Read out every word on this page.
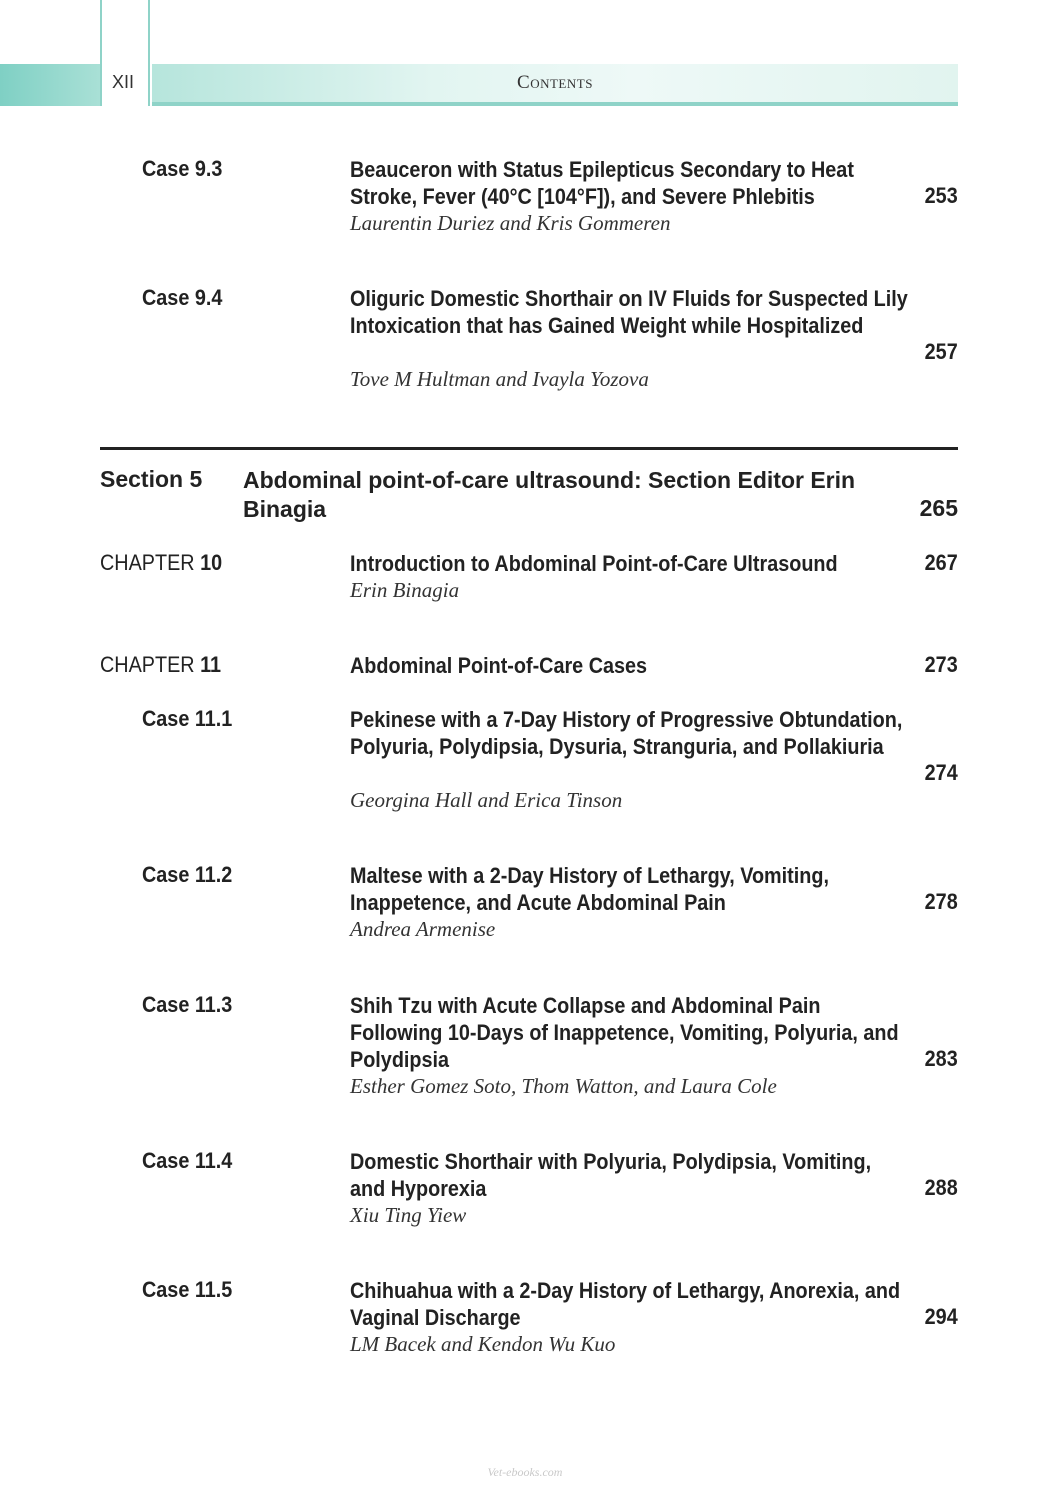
XII	Contents
Case 9.3	Beauceron with Status Epilepticus Secondary to Heat Stroke, Fever (40°C [104°F]), and Severe Phlebitis
Laurentin Duriez and Kris Gommeren
253
Case 9.4	Oliguric Domestic Shorthair on IV Fluids for Suspected Lily Intoxication that has Gained Weight while Hospitalized
Tove M Hultman and Ivayla Yozova
257
Section 5 Abdominal point-of-care ultrasound: Section Editor Erin Binagia	265
CHAPTER 10	Introduction to Abdominal Point-of-Care Ultrasound
Erin Binagia
267
CHAPTER 11	Abdominal Point-of-Care Cases	273
Case 11.1	Pekinese with a 7-Day History of Progressive Obtundation, Polyuria, Polydipsia, Dysuria, Stranguria, and Pollakiuria
Georgina Hall and Erica Tinson
274
Case 11.2	Maltese with a 2-Day History of Lethargy, Vomiting, Inappetence, and Acute Abdominal Pain
Andrea Armenise
278
Case 11.3	Shih Tzu with Acute Collapse and Abdominal Pain Following 10-Days of Inappetence, Vomiting, Polyuria, and Polydipsia
Esther Gomez Soto, Thom Watton, and Laura Cole
283
Case 11.4	Domestic Shorthair with Polyuria, Polydipsia, Vomiting, and Hyporexia
Xiu Ting Yiew
288
Case 11.5	Chihuahua with a 2-Day History of Lethargy, Anorexia, and Vaginal Discharge
LM Bacek and Kendon Wu Kuo
294
Vet-ebooks.com
